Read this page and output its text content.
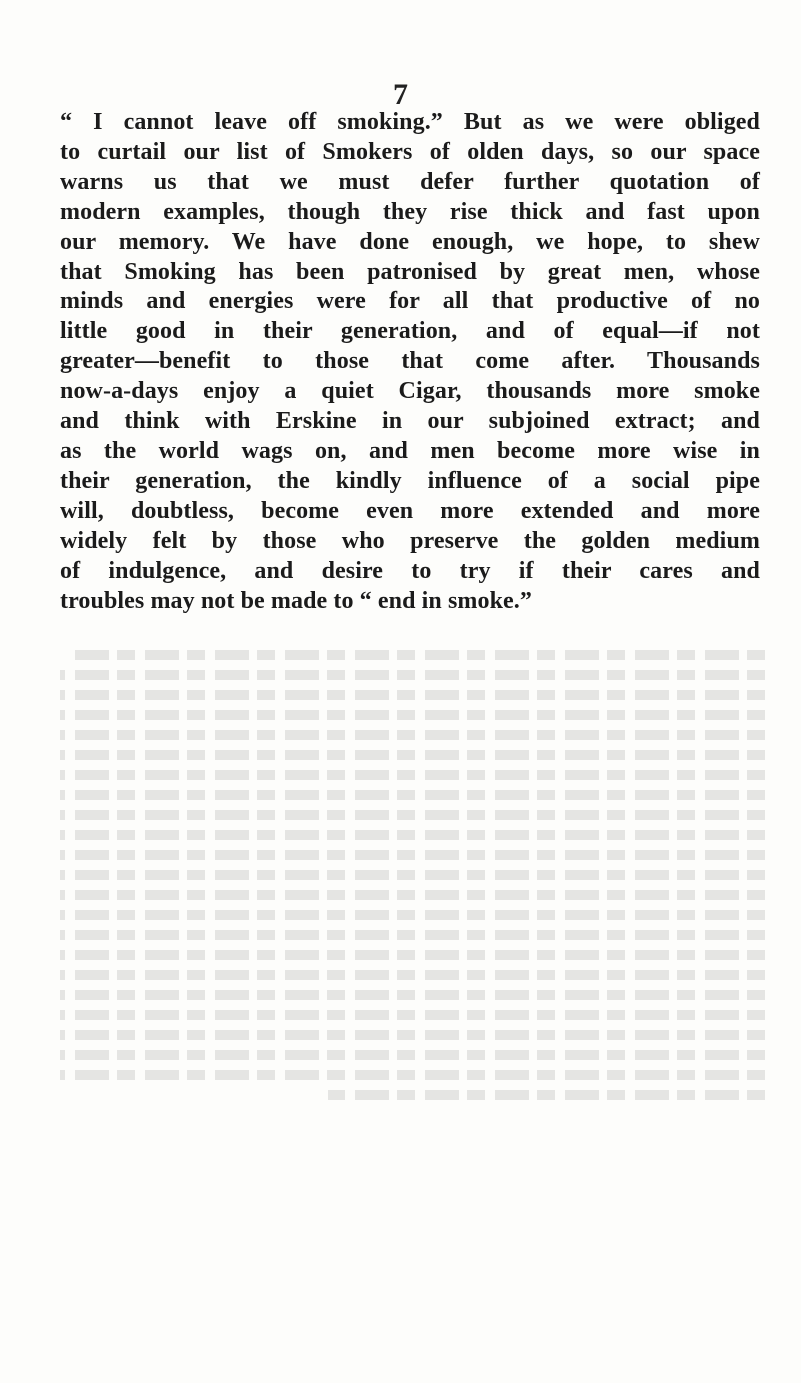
7
“ I cannot leave off smoking.” But as we were obliged
to curtail our list of Smokers of olden days, so our space
warns us that we must defer further quotation of
modern examples, though they rise thick and fast upon
our memory. We have done enough, we hope, to shew
that Smoking has been patronised by great men, whose
minds and energies were for all that productive of no
little good in their generation, and of equal—if not
greater—benefit to those that come after. Thousands
now-a-days enjoy a quiet Cigar, thousands more smoke
and think with Erskine in our subjoined extract; and
as the world wags on, and men become more wise in
their generation, the kindly influence of a social pipe
will, doubtless, become even more extended and more
widely felt by those who preserve the golden medium
of indulgence, and desire to try if their cares and
troubles may not be made to “ end in smoke.”
